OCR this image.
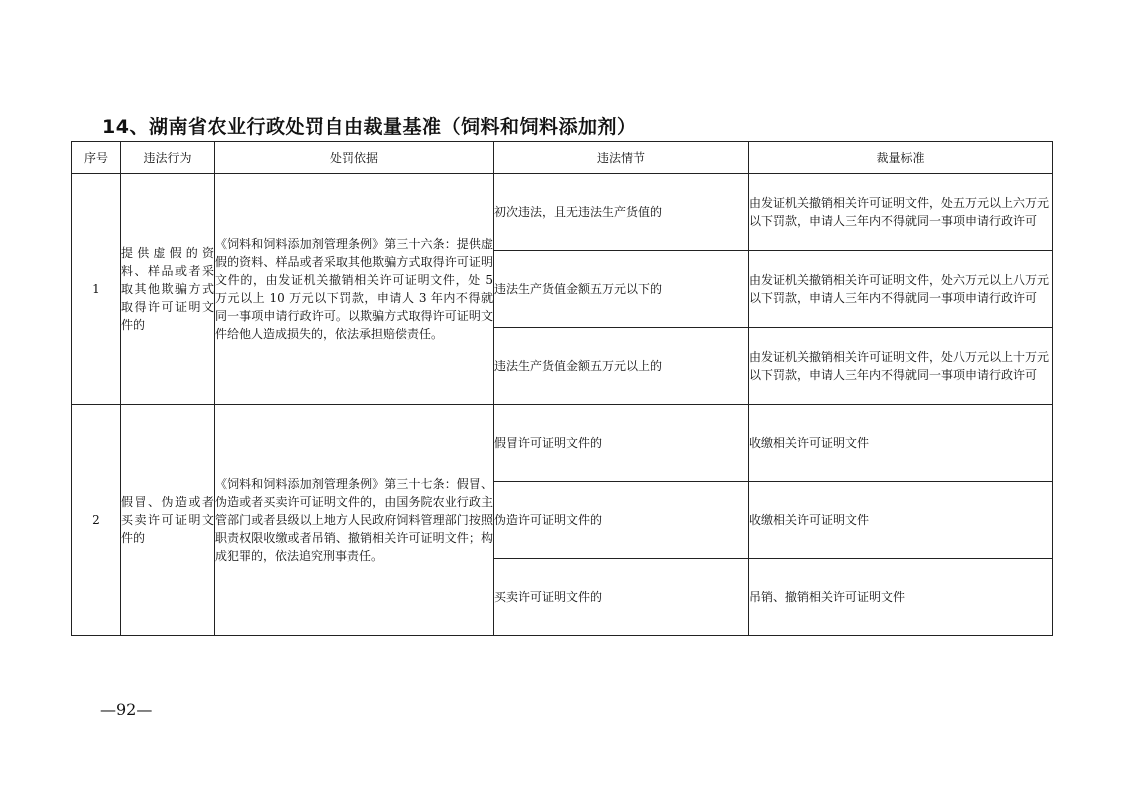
14、湖南省农业行政处罚自由裁量基准（饲料和饲料添加剂）
序号	违法行为	处罚依据	违法情节	裁量标准
1	提供虚假的资料、样品或者采取其他欺骗方式取得许可证明文件的	《饲料和饲料添加剂管理条例》第三十六条：提供虚假的资料、样品或者采取其他欺骗方式取得许可证明文件的，由发证机关撤销相关许可证明文件，处 5 万元以上 10 万元以下罚款，申请人 3 年内不得就同一事项申请行政许可。以欺骗方式取得许可证明文件给他人造成损失的，依法承担赔偿责任。	初次违法，且无违法生产货值的	由发证机关撤销相关许可证明文件，处五万元以上六万元以下罚款，申请人三年内不得就同一事项申请行政许可
			违法生产货值金额五万元以下的	由发证机关撤销相关许可证明文件，处六万元以上八万元以下罚款，申请人三年内不得就同一事项申请行政许可
			违法生产货值金额五万元以上的	由发证机关撤销相关许可证明文件，处八万元以上十万元以下罚款，申请人三年内不得就同一事项申请行政许可
2	假冒、伪造或者买卖许可证明文件的	《饲料和饲料添加剂管理条例》第三十七条：假冒、伪造或者买卖许可证明文件的，由国务院农业行政主管部门或者县级以上地方人民政府饲料管理部门按照职责权限收缴或者吊销、撤销相关许可证明文件；构成犯罪的，依法追究刑事责任。	假冒许可证明文件的	收缴相关许可证明文件
			伪造许可证明文件的	收缴相关许可证明文件
			买卖许可证明文件的	吊销、撤销相关许可证明文件
—92—
